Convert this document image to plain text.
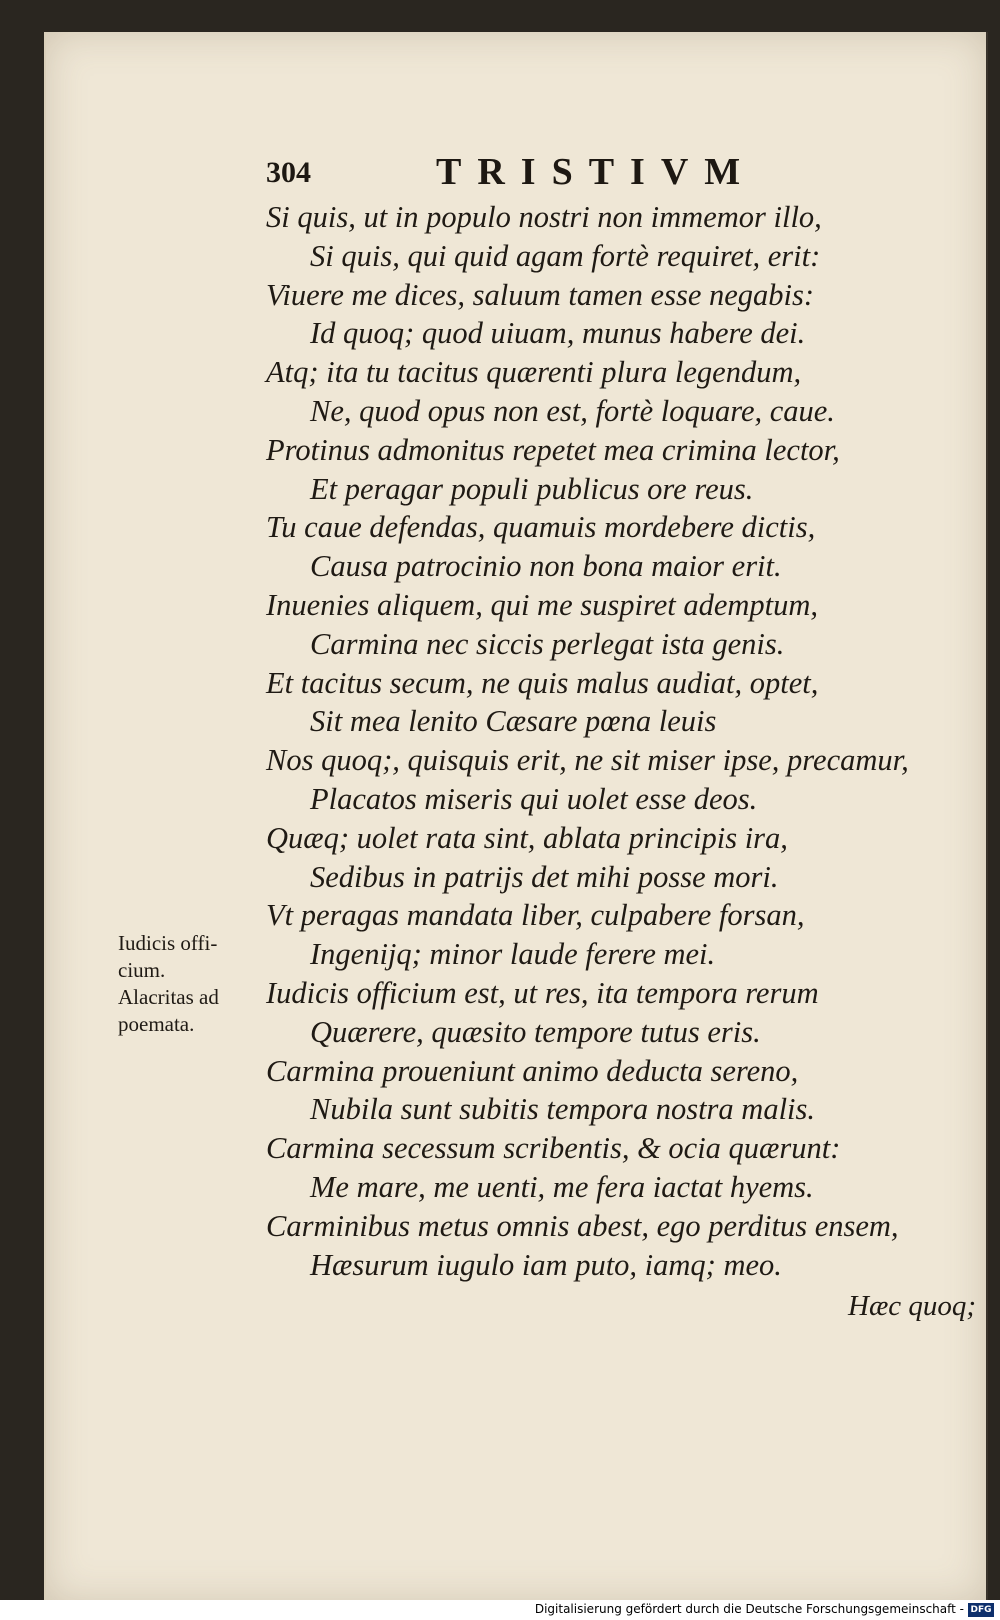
304	TRISTIVM
Si quis, ut in populo nostri non immemor illo,
Si quis, qui quid agam fortè requiret, erit:
Viuere me dices, saluum tamen esse negabis:
Id quoq; quod uiuam, munus habere dei.
Atq; ita tu tacitus quærenti plura legendum,
Ne, quod opus non est, fortè loquare, caue.
Protinus admonitus repetet mea crimina lector,
Et peragar populi publicus ore reus.
Tu caue defendas, quamuis mordebere dictis,
Causa patrocinio non bona maior erit.
Inuenies aliquem, qui me suspiret ademptum,
Carmina nec siccis perlegat ista genis.
Et tacitus secum, ne quis malus audiat, optet,
Sit mea lenito Cæsare pœna leuis
Nos quoq;, quisquis erit, ne sit miser ipse, precamur,
Placatos miseris qui uolet esse deos.
Quæq; uolet rata sint, ablata principis ira,
Sedibus in patrijs det mihi posse mori.
Vt peragas mandata liber, culpabere forsan,
Ingenijq; minor laude ferere mei.
Iudicis officium est, ut res, ita tempora rerum
Quærere, quæsito tempore tutus eris.
Carmina proueniunt animo deducta sereno,
Nubila sunt subitis tempora nostra malis.
Carmina secessum scribentis, & ocia quærunt:
Me mare, me uenti, me fera iactat hyems.
Carminibus metus omnis abest, ego perditus ensem,
Hæsurum iugulo iam puto, iamq; meo.
Iudicis offi-
cium.
Alacritas ad
poemata.
Hæc quoq;
Digitalisierung gefördert durch die Deutsche Forschungsgemeinschaft - DFG
